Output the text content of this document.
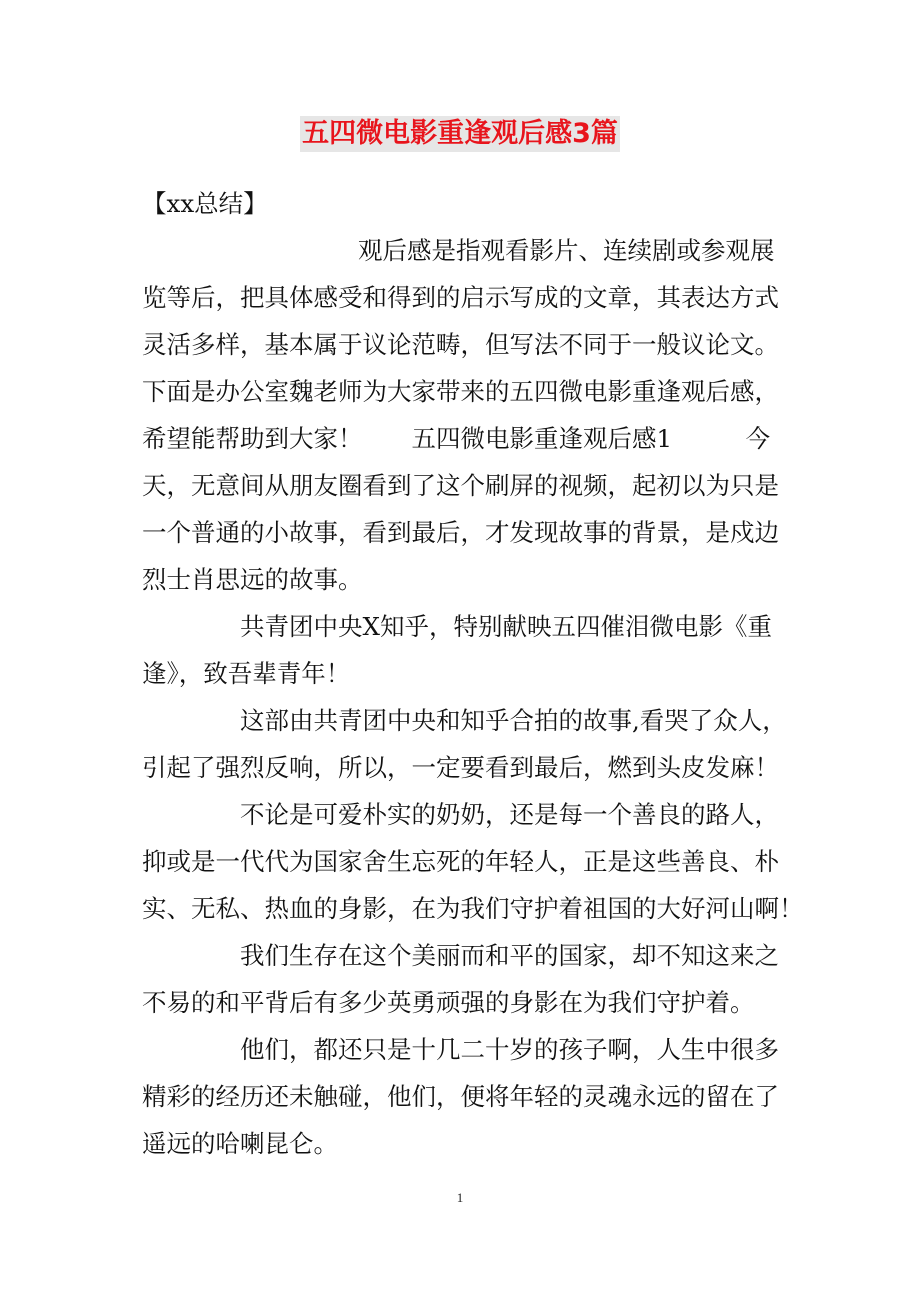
五四微电影重逢观后感3篇
【xx总结】
观后感是指观看影片、连续剧或参观展
览等后，把具体感受和得到的启示写成的文章，其表达方式
灵活多样，基本属于议论范畴，但写法不同于一般议论文。
下面是办公室魏老师为大家带来的五四微电影重逢观后感，
希望能帮助到大家！　　五四微电影重逢观后感1　　　今
天，无意间从朋友圈看到了这个刷屏的视频，起初以为只是
一个普通的小故事，看到最后，才发现故事的背景，是戍边
烈士肖思远的故事。
共青团中央X知乎，特别献映五四催泪微电影《重
逢》，致吾辈青年！
这部由共青团中央和知乎合拍的故事,看哭了众人，
引起了强烈反响，所以，一定要看到最后，燃到头皮发麻！
不论是可爱朴实的奶奶，还是每一个善良的路人，
抑或是一代代为国家舍生忘死的年轻人，正是这些善良、朴
实、无私、热血的身影，在为我们守护着祖国的大好河山啊！
我们生存在这个美丽而和平的国家，却不知这来之
不易的和平背后有多少英勇顽强的身影在为我们守护着。
他们，都还只是十几二十岁的孩子啊，人生中很多
精彩的经历还未触碰，他们，便将年轻的灵魂永远的留在了
遥远的哈喇昆仑。
1
